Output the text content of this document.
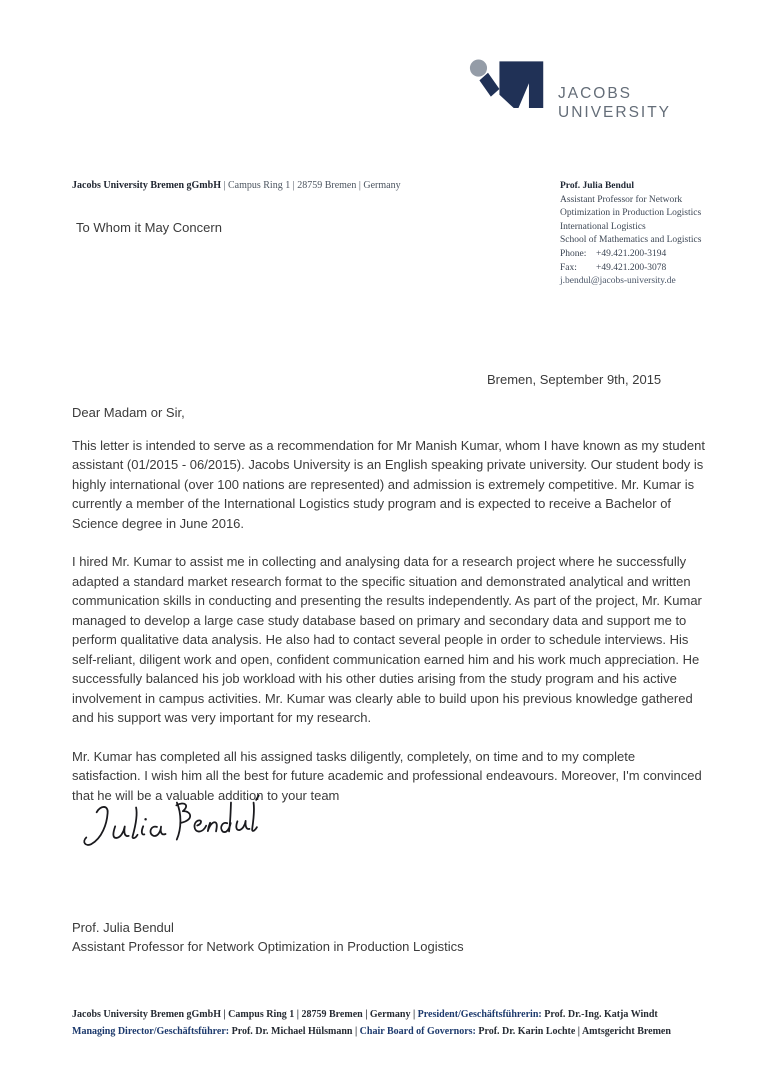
JACOBS
UNIVERSITY
Jacobs University Bremen gGmbH | Campus Ring 1 | 28759 Bremen | Germany	Prof. Julia Bendul
Assistant Professor for Network
Optimization in Production Logistics
International Logistics
School of Mathematics and Logistics
Phone: +49.421.200-3194
Fax: +49.421.200-3078
j.bendul@jacobs-university.de
To Whom it May Concern
Bremen, September 9th, 2015

Dear Madam or Sir,

This letter is intended to serve as a recommendation for Mr Manish Kumar, whom I have known as my student assistant (01/2015 - 06/2015). Jacobs University is an English speaking private university. Our student body is highly international (over 100 nations are represented) and admission is extremely competitive. Mr. Kumar is currently a member of the International Logistics study program and is expected to receive a Bachelor of Science degree in June 2016.

I hired Mr. Kumar to assist me in collecting and analysing data for a research project where he successfully adapted a standard market research format to the specific situation and demonstrated analytical and written communication skills in conducting and presenting the results independently. As part of the project, Mr. Kumar managed to develop a large case study database based on primary and secondary data and support me to perform qualitative data analysis. He also had to contact several people in order to schedule interviews. His self-reliant, diligent work and open, confident communication earned him and his work much appreciation. He successfully balanced his job workload with his other duties arising from the study program and his active involvement in campus activities. Mr. Kumar was clearly able to build upon his previous knowledge gathered and his support was very important for my research.

Mr. Kumar has completed all his assigned tasks diligently, completely, on time and to my complete satisfaction. I wish him all the best for future academic and professional endeavours. Moreover, I'm convinced that he will be a valuable addition to your team

Prof. Julia Bendul
Assistant Professor for Network Optimization in Production Logistics
Jacobs University Bremen gGmbH | Campus Ring 1 | 28759 Bremen | Germany | President/Geschäftsführerin: Prof. Dr.-Ing. Katja Windt
Managing Director/Geschäftsführer: Prof. Dr. Michael Hülsmann | Chair Board of Governors: Prof. Dr. Karin Lochte | Amtsgericht Bremen
